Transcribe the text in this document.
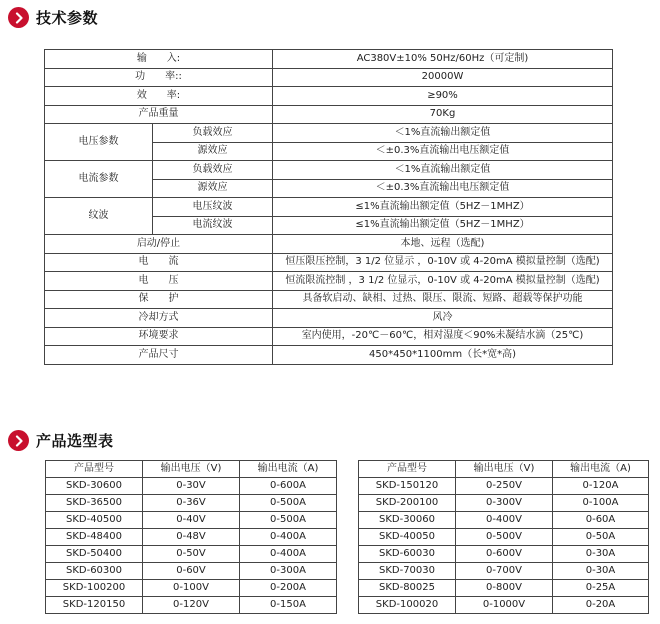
技术参数
输　　入:		AC380V±10% 50Hz/60Hz（可定制)
功　　率::		20000W
效　　率:		≥90%
产品重量		70Kg
电压参数	负载效应	＜1%直流输出额定值
	源效应	＜±0.3%直流输出电压额定值
电流参数	负载效应	＜1%直流输出额定值
	源效应	＜±0.3%直流输出电压额定值
纹波	电压纹波	≤1%直流输出额定值（5HZ－1MHZ）
	电流纹波	≤1%直流输出额定值（5HZ－1MHZ）
启动/停止		本地、远程（选配)
电　　流		恒压限压控制，3 1/2 位显示 ，0-10V 或 4-20mA 模拟量控制（选配)
电　　压		恒流限流控制 ，3 1/2 位显示，0-10V 或 4-20mA 模拟量控制（选配)
保　　护		具备软启动、缺相、过热、限压、限流、短路、超载等保护功能
冷却方式		风冷
环境要求		室内使用，-20℃－60℃，相对湿度＜90%未凝结水滴（25℃)
产品尺寸		450*450*1100mm（长*宽*高)
产品选型表
产品型号	输出电压（V)	输出电流（A)
SKD-30600	0-30V	0-600A
SKD-36500	0-36V	0-500A
SKD-40500	0-40V	0-500A
SKD-48400	0-48V	0-400A
SKD-50400	0-50V	0-400A
SKD-60300	0-60V	0-300A
SKD-100200	0-100V	0-200A
SKD-120150	0-120V	0-150A
产品型号	输出电压（V)	输出电流（A)
SKD-150120	0-250V	0-120A
SKD-200100	0-300V	0-100A
SKD-30060	0-400V	0-60A
SKD-40050	0-500V	0-50A
SKD-60030	0-600V	0-30A
SKD-70030	0-700V	0-30A
SKD-80025	0-800V	0-25A
SKD-100020	0-1000V	0-20A
